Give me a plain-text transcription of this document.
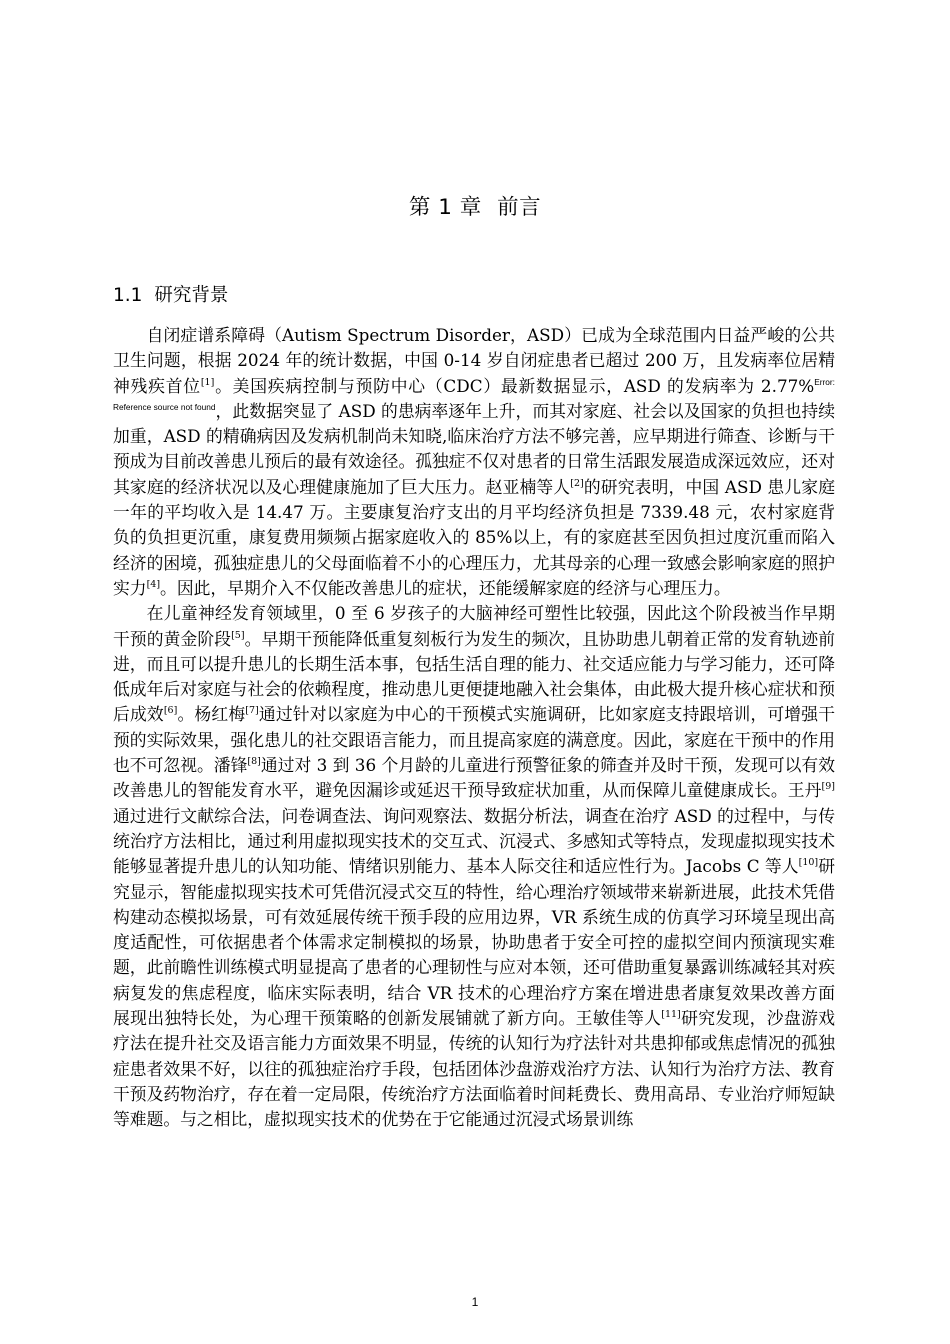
第 1 章 前言
1.1 研究背景

自闭症谱系障碍（Autism Spectrum Disorder，ASD）已成为全球范围内日益严峻的公共卫生问题，根据 2024 年的统计数据，中国 0-14 岁自闭症患者已超过 200 万，且发病率位居精神残疾首位[1]。美国疾病控制与预防中心（CDC）最新数据显示，ASD 的发病率为 2.77%$^{Error: Reference source not found}$，此数据突显了 ASD 的患病率逐年上升，而其对家庭、社会以及国家的负担也持续加重，ASD 的精确病因及发病机制尚未知晓,临床治疗方法不够完善，应早期进行筛查、诊断与干预成为目前改善患儿预后的最有效途径。孤独症不仅对患者的日常生活跟发展造成深远效应，还对其家庭的经济状况以及心理健康施加了巨大压力。赵亚楠等人[2]的研究表明，中国 ASD 患儿家庭一年的平均收入是 14.47 万。主要康复治疗支出的月平均经济负担是 7339.48 元，农村家庭背负的负担更沉重，康复费用频频占据家庭收入的 85%以上，有的家庭甚至因负担过度沉重而陷入经济的困境，孤独症患儿的父母面临着不小的心理压力，尤其母亲的心理一致感会影响家庭的照护实力[4]。因此，早期介入不仅能改善患儿的症状，还能缓解家庭的经济与心理压力。

在儿童神经发育领域里，0 至 6 岁孩子的大脑神经可塑性比较强，因此这个阶段被当作早期干预的黄金阶段[5]。早期干预能降低重复刻板行为发生的频次，且协助患儿朝着正常的发育轨迹前进，而且可以提升患儿的长期生活本事，包括生活自理的能力、社交适应能力与学习能力，还可降低成年后对家庭与社会的依赖程度，推动患儿更便捷地融入社会集体，由此极大提升核心症状和预后成效[6]。杨红梅[7]通过针对以家庭为中心的干预模式实施调研，比如家庭支持跟培训，可增强干预的实际效果，强化患儿的社交跟语言能力，而且提高家庭的满意度。因此，家庭在干预中的作用也不可忽视。潘锋[8]通过对 3 到 36 个月龄的儿童进行预警征象的筛查并及时干预，发现可以有效改善患儿的智能发育水平，避免因漏诊或延迟干预导致症状加重，从而保障儿童健康成长。王丹[9]通过进行文献综合法，问卷调查法、询问观察法、数据分析法，调查在治疗 ASD 的过程中，与传统治疗方法相比，通过利用虚拟现实技术的交互式、沉浸式、多感知式等特点，发现虚拟现实技术能够显著提升患儿的认知功能、情绪识别能力、基本人际交往和适应性行为。Jacobs C 等人[10]研究显示，智能虚拟现实技术可凭借沉浸式交互的特性，给心理治疗领域带来崭新进展，此技术凭借构建动态模拟场景，可有效延展传统干预手段的应用边界，VR 系统生成的仿真学习环境呈现出高度适配性，可依据患者个体需求定制模拟的场景，协助患者于安全可控的虚拟空间内预演现实难题，此前瞻性训练模式明显提高了患者的心理韧性与应对本领，还可借助重复暴露训练减轻其对疾病复发的焦虑程度，临床实际表明，结合 VR 技术的心理治疗方案在增进患者康复效果改善方面展现出独特长处，为心理干预策略的创新发展铺就了新方向。王敏佳等人[11]研究发现，沙盘游戏疗法在提升社交及语言能力方面效果不明显，传统的认知行为疗法针对共患抑郁或焦虑情况的孤独症患者效果不好，以往的孤独症治疗手段，包括团体沙盘游戏治疗方法、认知行为治疗方法、教育干预及药物治疗，存在着一定局限，传统治疗方法面临着时间耗费长、费用高昂、专业治疗师短缺等难题。与之相比，虚拟现实技术的优势在于它能通过沉浸式场景训练

1
